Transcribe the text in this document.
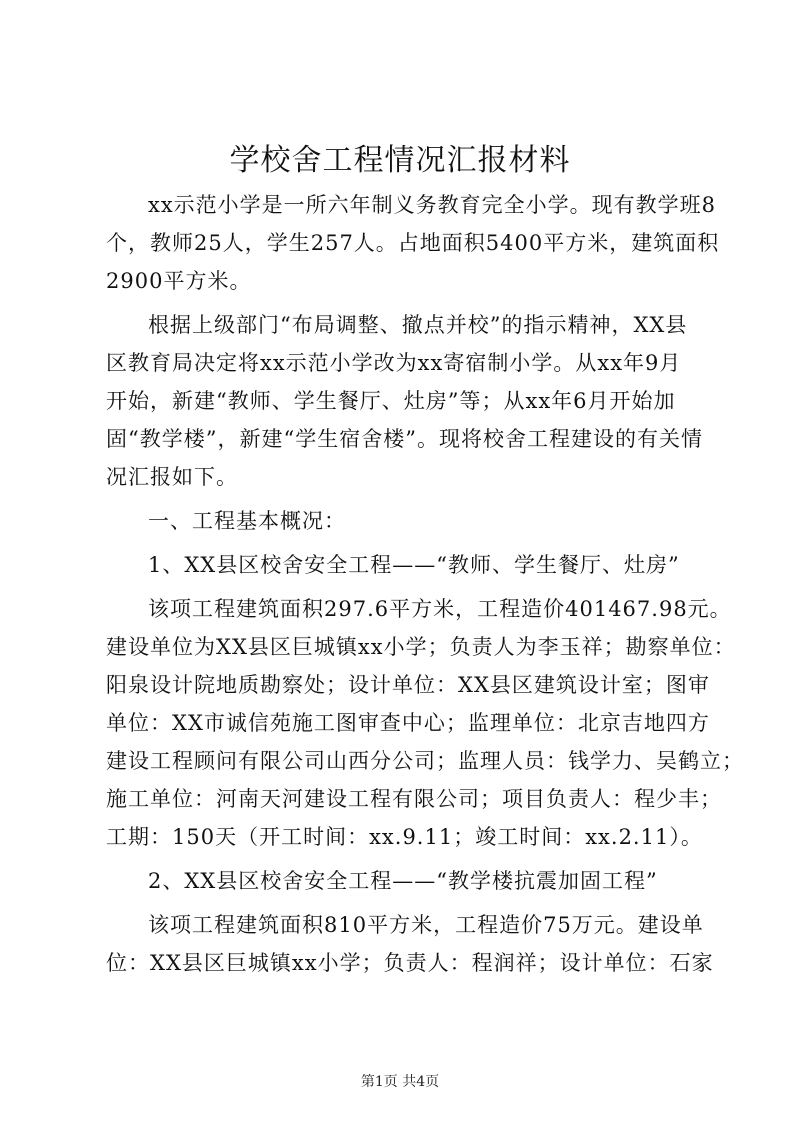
学校舍工程情况汇报材料
xx示范小学是一所六年制义务教育完全小学。现有教学班8
个，教师25人，学生257人。占地面积5400平方米，建筑面积
2900平方米。
根据上级部门“布局调整、撤点并校”的指示精神，XX县
区教育局决定将xx示范小学改为xx寄宿制小学。从xx年9月
开始，新建“教师、学生餐厅、灶房”等；从xx年6月开始加
固“教学楼”，新建“学生宿舍楼”。现将校舍工程建设的有关情
况汇报如下。
一、工程基本概况：
1、XX县区校舍安全工程——“教师、学生餐厅、灶房”
该项工程建筑面积297.6平方米，工程造价401467.98元。
建设单位为XX县区巨城镇xx小学；负责人为李玉祥；勘察单位：
阳泉设计院地质勘察处；设计单位：XX县区建筑设计室；图审
单位：XX市诚信苑施工图审查中心；监理单位：北京吉地四方
建设工程顾问有限公司山西分公司；监理人员：钱学力、吴鹤立；
施工单位：河南天河建设工程有限公司；项目负责人：程少丰；
工期：150天（开工时间：xx.9.11；竣工时间：xx.2.11）。
2、XX县区校舍安全工程——“教学楼抗震加固工程”
该项工程建筑面积810平方米，工程造价75万元。建设单
位：XX县区巨城镇xx小学；负责人：程润祥；设计单位：石家
第1页 共4页
